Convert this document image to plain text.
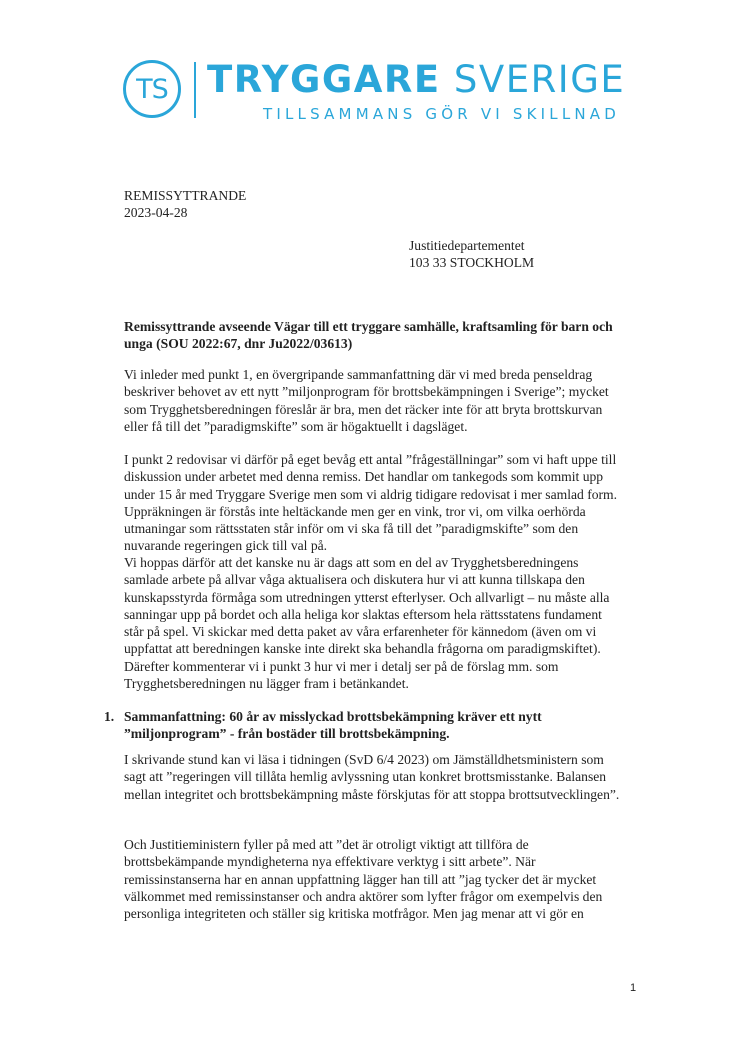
TS TRYGGARE SVERIGE
TILLSAMMANS GÖR VI SKILLNAD
REMISSYTTRANDE
2023-04-28
Justitiedepartementet
103 33 STOCKHOLM
Remissyttrande avseende Vägar till ett tryggare samhälle, kraftsamling för barn och unga (SOU 2022:67, dnr Ju2022/03613)

Vi inleder med punkt 1, en övergripande sammanfattning där vi med breda penseldrag beskriver behovet av ett nytt ”miljonprogram för brottsbekämpningen i Sverige”; mycket som Trygghetsberedningen föreslår är bra, men det räcker inte för att bryta brottskurvan eller få till det ”paradigmskifte” som är högaktuellt i dagsläget.

I punkt 2 redovisar vi därför på eget bevåg ett antal ”frågeställningar” som vi haft uppe till diskussion under arbetet med denna remiss. Det handlar om tankegods som kommit upp under 15 år med Tryggare Sverige men som vi aldrig tidigare redovisat i mer samlad form. Uppräkningen är förstås inte heltäckande men ger en vink, tror vi, om vilka oerhörda utmaningar som rättsstaten står inför om vi ska få till det ”paradigmskifte” som den nuvarande regeringen gick till val på.

Vi hoppas därför att det kanske nu är dags att som en del av Trygghetsberedningens samlade arbete på allvar våga aktualisera och diskutera hur vi att kunna tillskapa den kunskapsstyrda förmåga som utredningen ytterst efterlyser. Och allvarligt – nu måste alla sanningar upp på bordet och alla heliga kor slaktas eftersom hela rättsstatens fundament står på spel. Vi skickar med detta paket av våra erfarenheter för kännedom (även om vi uppfattat att beredningen kanske inte direkt ska behandla frågorna om paradigmskiftet). Därefter kommenterar vi i punkt 3 hur vi mer i detalj ser på de förslag mm. som Trygghetsberedningen nu lägger fram i betänkandet.

1. Sammanfattning: 60 år av misslyckad brottsbekämpning kräver ett nytt ”miljonprogram” - från bostäder till brottsbekämpning.

I skrivande stund kan vi läsa i tidningen (SvD 6/4 2023) om Jämställdhetsministern som sagt att ”regeringen vill tillåta hemlig avlyssning utan konkret brottsmisstanke. Balansen mellan integritet och brottsbekämpning måste förskjutas för att stoppa brottsutvecklingen”.

Och Justitieministern fyller på med att ”det är otroligt viktigt att tillföra de brottsbekämpande myndigheterna nya effektivare verktyg i sitt arbete”. När remissinstanserna har en annan uppfattning lägger han till att ”jag tycker det är mycket välkommet med remissinstanser och andra aktörer som lyfter frågor om exempelvis den personliga integriteten och ställer sig kritiska motfrågor. Men jag menar att vi gör en

1
